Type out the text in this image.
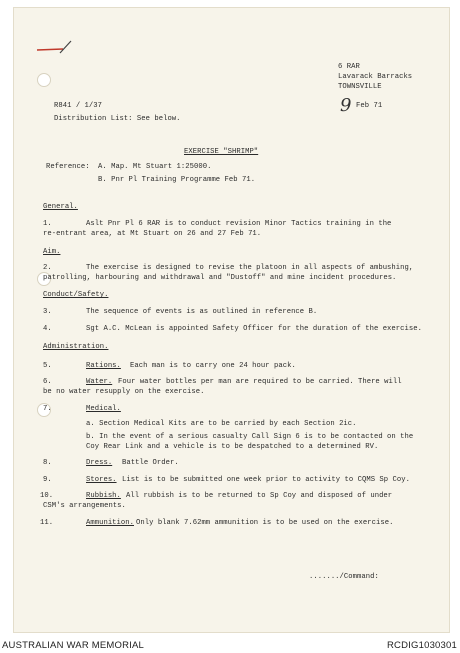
6 RAR
Lavarack Barracks
TOWNSVILLE
9 Feb 71
R841 / 1/37
Distribution List: See below.
EXERCISE "SHRIMP"
Reference: A. Map. Mt Stuart 1:25000.
B. Pnr Pl Training Programme Feb 71.
General.
1.	Aslt Pnr Pl 6 RAR is to conduct revision Minor Tactics training in the
re-entrant area, at Mt Stuart on 26 and 27 Feb 71.
Aim.
2.	The exercise is designed to revise the platoon in all aspects of ambushing,
patrolling, harbouring and withdrawal and "Dustoff" and mine incident procedures.
Conduct/Safety.
3.	The sequence of events is as outlined in reference B.
4.	Sgt A.C. McLean is appointed Safety Officer for the duration of the exercise.
Administration.
5.	Rations. Each man is to carry one 24 hour pack.
6.	Water. Four water bottles per man are required to be carried. There will
be no water resupply on the exercise.
7.	Medical.
a. Section Medical Kits are to be carried by each Section 2ic.
b. In the event of a serious casualty Call Sign 6 is to be contacted on the
Coy Rear Link and a vehicle is to be despatched to a determined RV.
8.	Dress. Battle Order.
9.	Stores. List is to be submitted one week prior to activity to CQMS Sp Coy.
10.	Rubbish. All rubbish is to be returned to Sp Coy and disposed of under
CSM's arrangements.
11.	Ammunition. Only blank 7.62mm ammunition is to be used on the exercise.
......./Command:
AUSTRALIAN WAR MEMORIAL	RCDIG1030301
